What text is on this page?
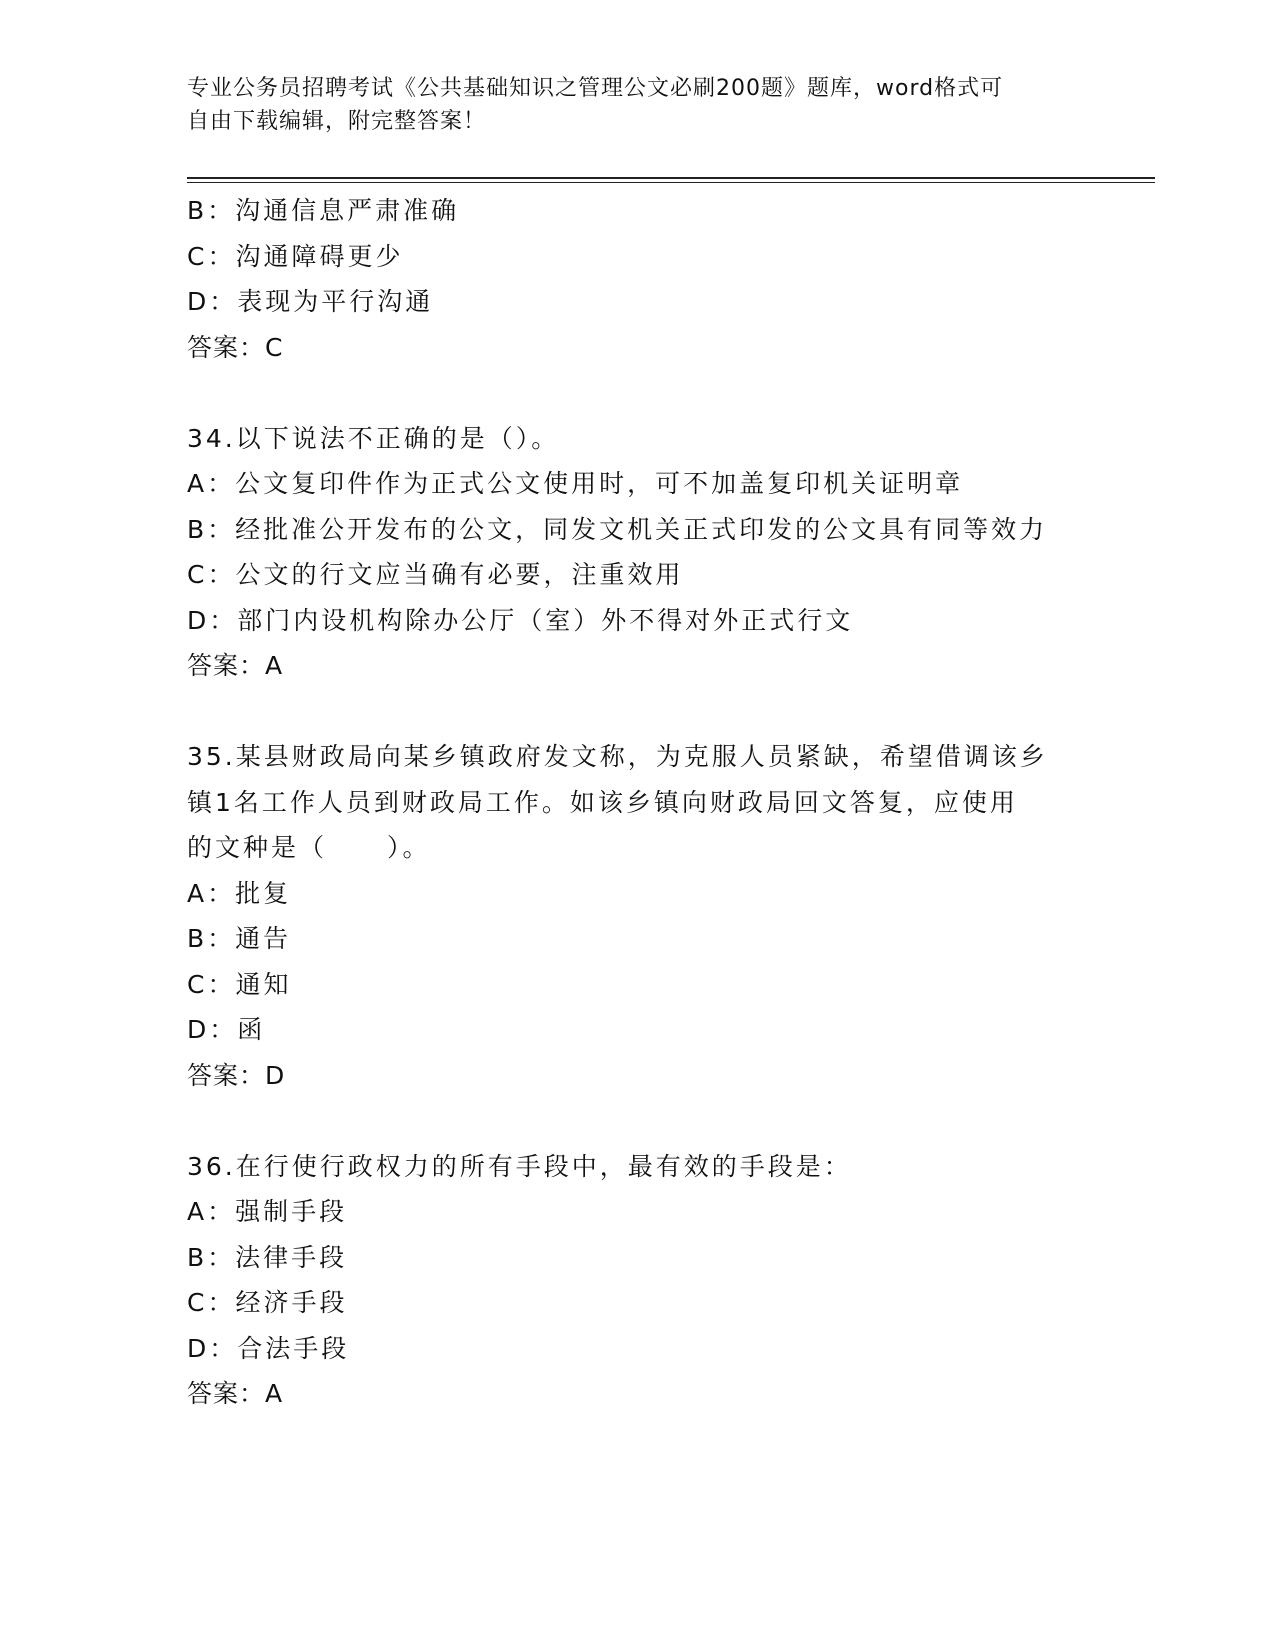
专业公务员招聘考试《公共基础知识之管理公文必刷200题》题库，word格式可
自由下载编辑，附完整答案！
B：沟通信息严肃准确
C：沟通障碍更少
D：表现为平行沟通
答案：C
34.以下说法不正确的是（）。
A：公文复印件作为正式公文使用时，可不加盖复印机关证明章
B：经批准公开发布的公文，同发文机关正式印发的公文具有同等效力
C：公文的行文应当确有必要，注重效用
D：部门内设机构除办公厅（室）外不得对外正式行文
答案：A
35.某县财政局向某乡镇政府发文称，为克服人员紧缺，希望借调该乡
镇1名工作人员到财政局工作。如该乡镇向财政局回文答复，应使用
的文种是（ ）。
A：批复
B：通告
C：通知
D：函
答案：D
36.在行使行政权力的所有手段中，最有效的手段是：
A：强制手段
B：法律手段
C：经济手段
D：合法手段
答案：A
